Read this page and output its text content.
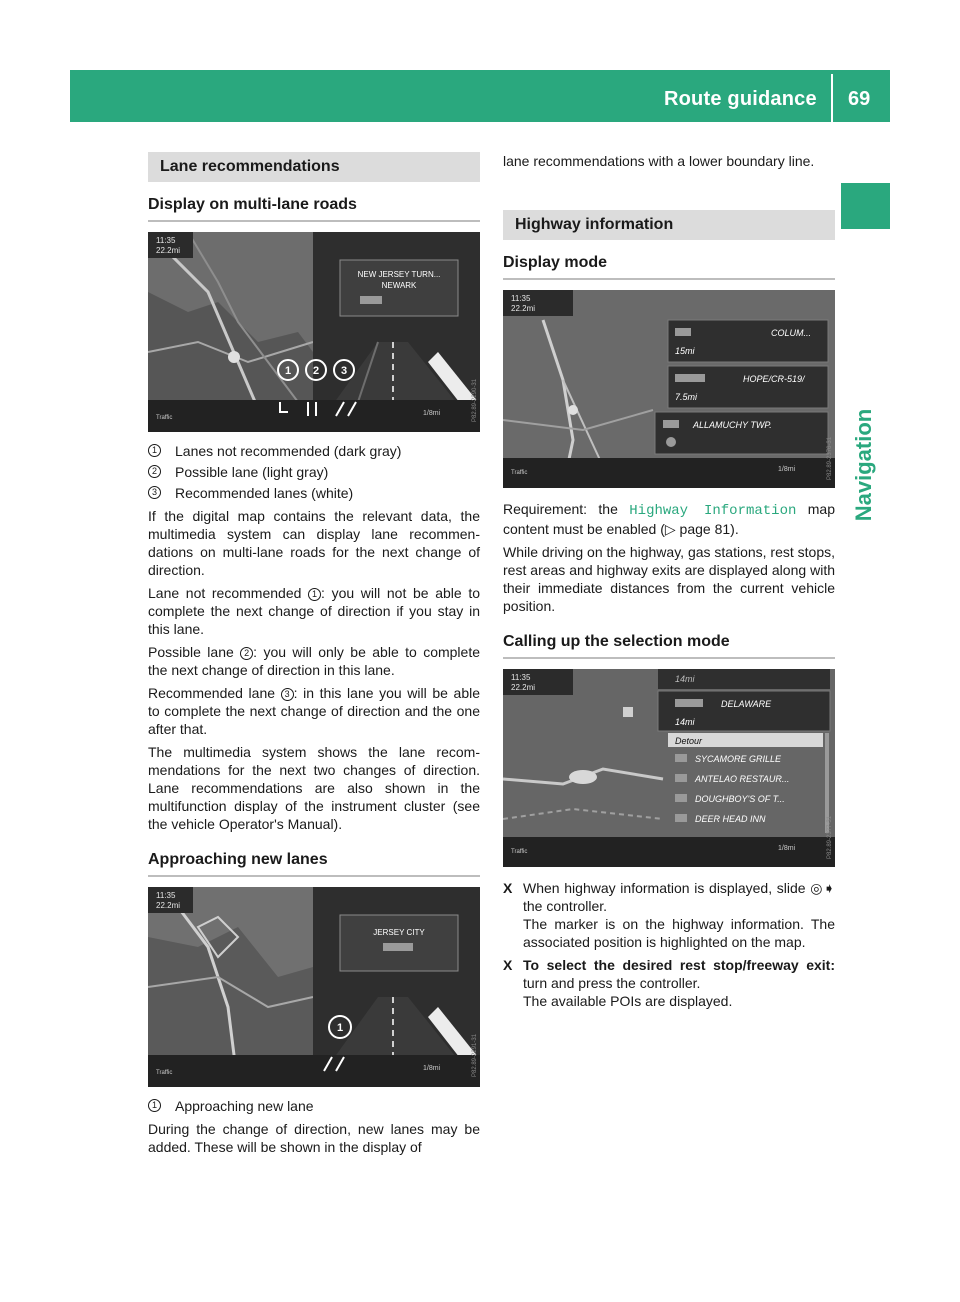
Route guidance 69
Navigation
Lane recommendations
Display on multi-lane roads
11:35
22.2mi
NEW JERSEY TURN...
NEWARK
1 2 3
Traffic
1/8mi	P82.89-2290-31
1 Lanes not recommended (dark gray)
2 Possible lane (light gray)
3 Recommended lanes (white)

If the digital map contains the relevant data, the multimedia system can display lane recommendations on multi-lane roads for the next change of direction.

Lane not recommended 1 : you will not be able to complete the next change of direction if you stay in this lane.

Possible lane 2 : you will only be able to complete the next change of direction in this lane.

Recommended lane 3 : in this lane you will be able to complete the next change of direction and the one after that.

The multimedia system shows the lane recommendations for the next two changes of direction. Lane recommendations are also shown in the multifunction display of the instrument cluster (see the vehicle Operator's Manual).

Approaching new lanes
11:35
22.2mi
JERSEY CITY
1
Traffic
1/8mi	P82.89-2291-31
1 Approaching new lane

During the change of direction, new lanes may be added. These will be shown in the display of

lane recommendations with a lower boundary line.

Highway information
Display mode
11:35
22.2mi
COLUM...
15mi
HOPE/CR-519/
7.5mi
ALLAMUCHY TWP.
Traffic	1/8mi	P82.89-2376-31

Requirement: the Highway Information map content must be enabled (▷ page 81).

While driving on the highway, gas stations, rest stops, rest areas and highway exits are displayed along with their immediate distances from the current vehicle position.

Calling up the selection mode
11:35
22.2mi
14mi
DELAWARE
14mi
Detour
SYCAMORE GRILLE
ANTELAO RESTAUR...
DOUGHBOY'S OF T...
DEER HEAD INN
Traffic	1/8mi	P82.89-2377-31
X When highway information is displayed, slide ◎➧ the controller.
The marker is on the highway information. The associated position is highlighted on the map.
X To select the desired rest stop/freeway exit: turn and press the controller.
The available POIs are displayed.
